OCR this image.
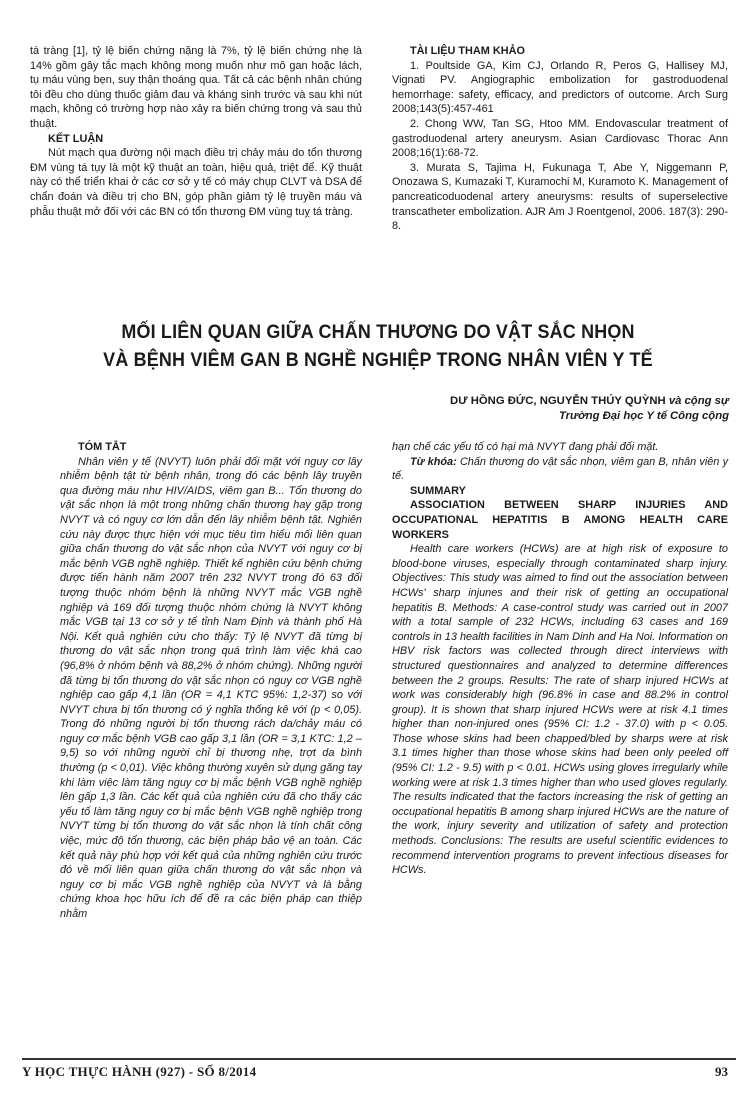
tá tràng [1], tỷ lệ biến chứng nặng là 7%, tỷ lệ biến chứng nhẹ là 14% gồm gây tắc mạch không mong muốn như mô gan hoặc lách, tụ máu vùng bẹn, suy thận thoáng qua. Tất cả các bệnh nhân chúng tôi đều cho dùng thuốc giảm đau và kháng sinh trước và sau khi nút mạch, không có trường hợp nào xảy ra biến chứng trong và sau thủ thuật.

KẾT LUẬN

Nút mạch qua đường nội mạch điều trị chảy máu do tổn thương ĐM vùng tá tụy là một kỹ thuật an toàn, hiệu quả, triệt để. Kỹ thuật này có thể triển khai ở các cơ sở y tế có máy chụp CLVT và DSA để chẩn đoán và điều trị cho BN, góp phần giảm tỷ lệ truyền máu và phẫu thuật mở đối với các BN có tổn thương ĐM vùng tuỵ tá tràng.

TÀI LIỆU THAM KHẢO

1. Poultside GA, Kim CJ, Orlando R, Peros G, Hallisey MJ, Vignati PV. Angiographic embolization for gastroduodenal hemorrhage: safety, efficacy, and predictors of outcome. Arch Surg 2008;143(5):457-461

2. Chong WW, Tan SG, Htoo MM. Endovascular treatment of gastroduodenal artery aneurysm. Asian Cardiovasc Thorac Ann 2008;16(1):68-72.

3. Murata S, Tajima H, Fukunaga T, Abe Y, Niggemann P, Onozawa S, Kumazaki T, Kuramochi M, Kuramoto K. Management of pancreaticoduodenal artery aneurysms: results of superselective transcatheter embolization. AJR Am J Roentgenol, 2006. 187(3): 290-8.

MỐI LIÊN QUAN GIỮA CHẤN THƯƠNG DO VẬT SẮC NHỌN
VÀ BỆNH VIÊM GAN B NGHỀ NGHIỆP TRONG NHÂN VIÊN Y TẾ
DƯ HỒNG ĐỨC, NGUYỄN THÚY QUỲNH và cộng sự
Trường Đại học Y tế Công cộng

TÓM TẮT

Nhân viên y tế (NVYT) luôn phải đối mặt với nguy cơ lây nhiễm bệnh tật từ bệnh nhân, trong đó các bệnh lây truyền qua đường máu như HIV/AIDS, viêm gan B... Tổn thương do vật sắc nhọn là một trong những chấn thương hay gặp trong NVYT và có nguy cơ lớn dẫn đến lây nhiễm bệnh tật. Nghiên cứu này được thực hiện với mục tiêu tìm hiểu mối liên quan giữa chấn thương do vật sắc nhọn của NVYT với nguy cơ bị mắc bệnh VGB nghề nghiệp. Thiết kế nghiên cứu bệnh chứng được tiến hành năm 2007 trên 232 NVYT trong đó 63 đối tượng thuộc nhóm bệnh là những NVYT mắc VGB nghề nghiệp và 169 đối tượng thuộc nhóm chứng là NVYT không mắc VGB tại 13 cơ sở y tế tỉnh Nam Định và thành phố Hà Nội. Kết quả nghiên cứu cho thấy: Tỷ lệ NVYT đã từng bị thương do vật sắc nhọn trong quá trình làm việc khá cao (96,8% ở nhóm bệnh và 88,2% ở nhóm chứng). Những người đã từng bị tổn thương do vật sắc nhọn có nguy cơ VGB nghề nghiệp cao gấp 4,1 lần (OR = 4,1 KTC 95%: 1,2-37) so với NVYT chưa bị tổn thương có ý nghĩa thống kê với (p < 0,05). Trong đó những người bị tổn thương rách da/chảy máu có nguy cơ mắc bệnh VGB cao gấp 3,1 lần (OR = 3,1 KTC: 1,2 – 9,5) so với những người chỉ bị thương nhẹ, trợt da bình thường (p < 0,01). Việc không thường xuyên sử dụng găng tay khi làm việc làm tăng nguy cơ bị mắc bệnh VGB nghề nghiệp lên gấp 1,3 lần. Các kết quả của nghiên cứu đã cho thấy các yếu tố làm tăng nguy cơ bị mắc bệnh VGB nghề nghiệp trong NVYT từng bị tổn thương do vật sắc nhọn là tính chất công việc, mức độ tổn thương, các biện pháp bảo vệ an toàn. Các kết quả này phù hợp với kết quả của những nghiên cứu trước đó về mối liên quan giữa chấn thương do vật sắc nhọn và nguy cơ bị mắc VGB nghề nghiệp của NVYT và là bằng chứng khoa học hữu ích để đề ra các biện pháp can thiệp nhằm

hạn chế các yếu tố có hại mà NVYT đang phải đối mặt.

Từ khóa: Chấn thương do vật sắc nhọn, viêm gan B, nhân viên y tế.

SUMMARY

ASSOCIATION BETWEEN SHARP INJURIES AND OCCUPATIONAL HEPATITIS B AMONG HEALTH CARE WORKERS

Health care workers (HCWs) are at high risk of exposure to blood-bone viruses, especially through contaminated sharp injury. Objectives: This study was aimed to find out the association between HCWs' sharp injunes and their risk of getting an occupational hepatitis B. Methods: A case-control study was carried out in 2007 with a total sample of 232 HCWs, including 63 cases and 169 controls in 13 health facilities in Nam Dinh and Ha Noi. Information on HBV risk factors was collected through direct interviews with structured questionnaires and analyzed to determine differences between the 2 groups. Results: The rate of sharp injured HCWs at work was considerably high (96.8% in case and 88.2% in control group). It is shown that sharp injured HCWs were at risk 4.1 times higher than non-injured ones (95% CI: 1.2 - 37.0) with p < 0.05. Those whose skins had been chapped/bled by sharps were at risk 3.1 times higher than those whose skins had been only peeled off (95% CI: 1.2 - 9.5) with p < 0.01. HCWs using gloves irregularly while working were at risk 1.3 times higher than who used gloves regularly. The results indicated that the factors increasing the risk of getting an occupational hepatitis B among sharp injured HCWs are the nature of the work, injury severity and utilization of safety and protection methods. Conclusions: The results are useful scientific evidences to recommend intervention programs to prevent infectious diseases for HCWs.

Y HỌC THỰC HÀNH (927) - SỐ 8/2014	93
